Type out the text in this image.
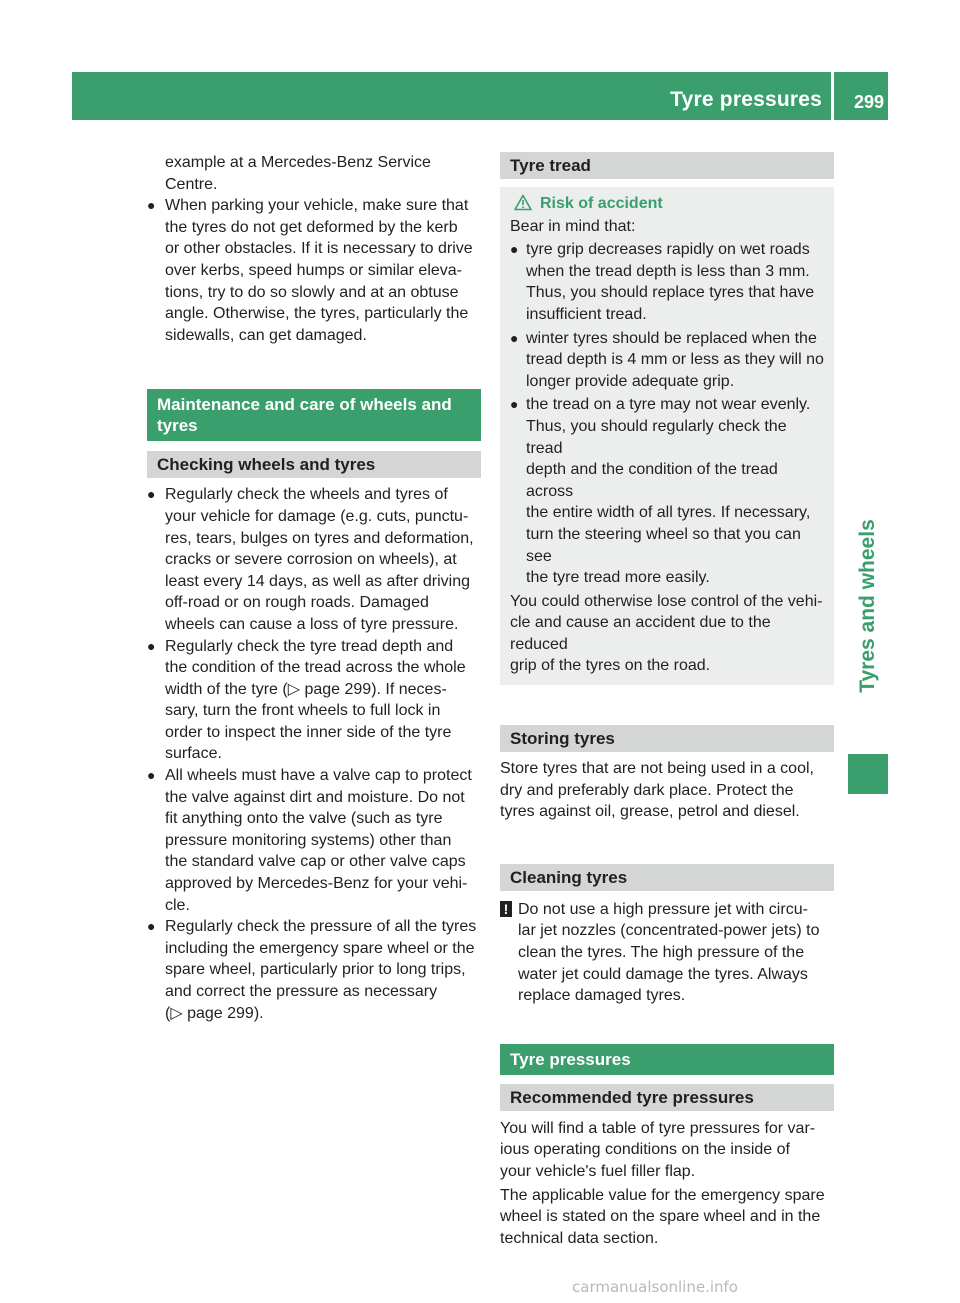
Tyre pressures 299
Tyres and wheels

example at a Mercedes-Benz Service

Centre.

● When parking your vehicle, make sure that

the tyres do not get deformed by the kerb

or other obstacles. If it is necessary to drive

over kerbs, speed humps or similar eleva-

tions, try to do so slowly and at an obtuse

angle. Otherwise, the tyres, particularly the

sidewalls, can get damaged.

Maintenance and care of wheels and
tyres
Checking wheels and tyres
● Regularly check the wheels and tyres of

your vehicle for damage (e.g. cuts, punctu-

res, tears, bulges on tyres and deformation,

cracks or severe corrosion on wheels), at

least every 14 days, as well as after driving

off-road or on rough roads. Damaged

wheels can cause a loss of tyre pressure.

● Regularly check the tyre tread depth and

the condition of the tread across the whole

width of the tyre (▷ page 299). If neces-

sary, turn the front wheels to full lock in

order to inspect the inner side of the tyre

surface.

● All wheels must have a valve cap to protect

the valve against dirt and moisture. Do not

fit anything onto the valve (such as tyre

pressure monitoring systems) other than

the standard valve cap or other valve caps

approved by Mercedes-Benz for your vehi-

cle.

● Regularly check the pressure of all the tyres

including the emergency spare wheel or the

spare wheel, particularly prior to long trips,

and correct the pressure as necessary

(▷ page 299).

Tyre tread
Risk of accident

Bear in mind that:

● tyre grip decreases rapidly on wet roads

when the tread depth is less than 3 mm.

Thus, you should replace tyres that have

insufficient tread.

● winter tyres should be replaced when the

tread depth is 4 mm or less as they will no

longer provide adequate grip.

● the tread on a tyre may not wear evenly.

Thus, you should regularly check the tread

depth and the condition of the tread across

the entire width of all tyres. If necessary,

turn the steering wheel so that you can see

the tyre tread more easily.

You could otherwise lose control of the vehi-

cle and cause an accident due to the reduced

grip of the tyres on the road.

Storing tyres

Store tyres that are not being used in a cool,

dry and preferably dark place. Protect the

tyres against oil, grease, petrol and diesel.

Cleaning tyres
! Do not use a high pressure jet with circu-

lar jet nozzles (concentrated-power jets) to

clean the tyres. The high pressure of the

water jet could damage the tyres. Always

replace damaged tyres.

Tyre pressures
Recommended tyre pressures

You will find a table of tyre pressures for var-

ious operating conditions on the inside of

your vehicle's fuel filler flap.

The applicable value for the emergency spare

wheel is stated on the spare wheel and in the

technical data section.

carmanualsonline.info
